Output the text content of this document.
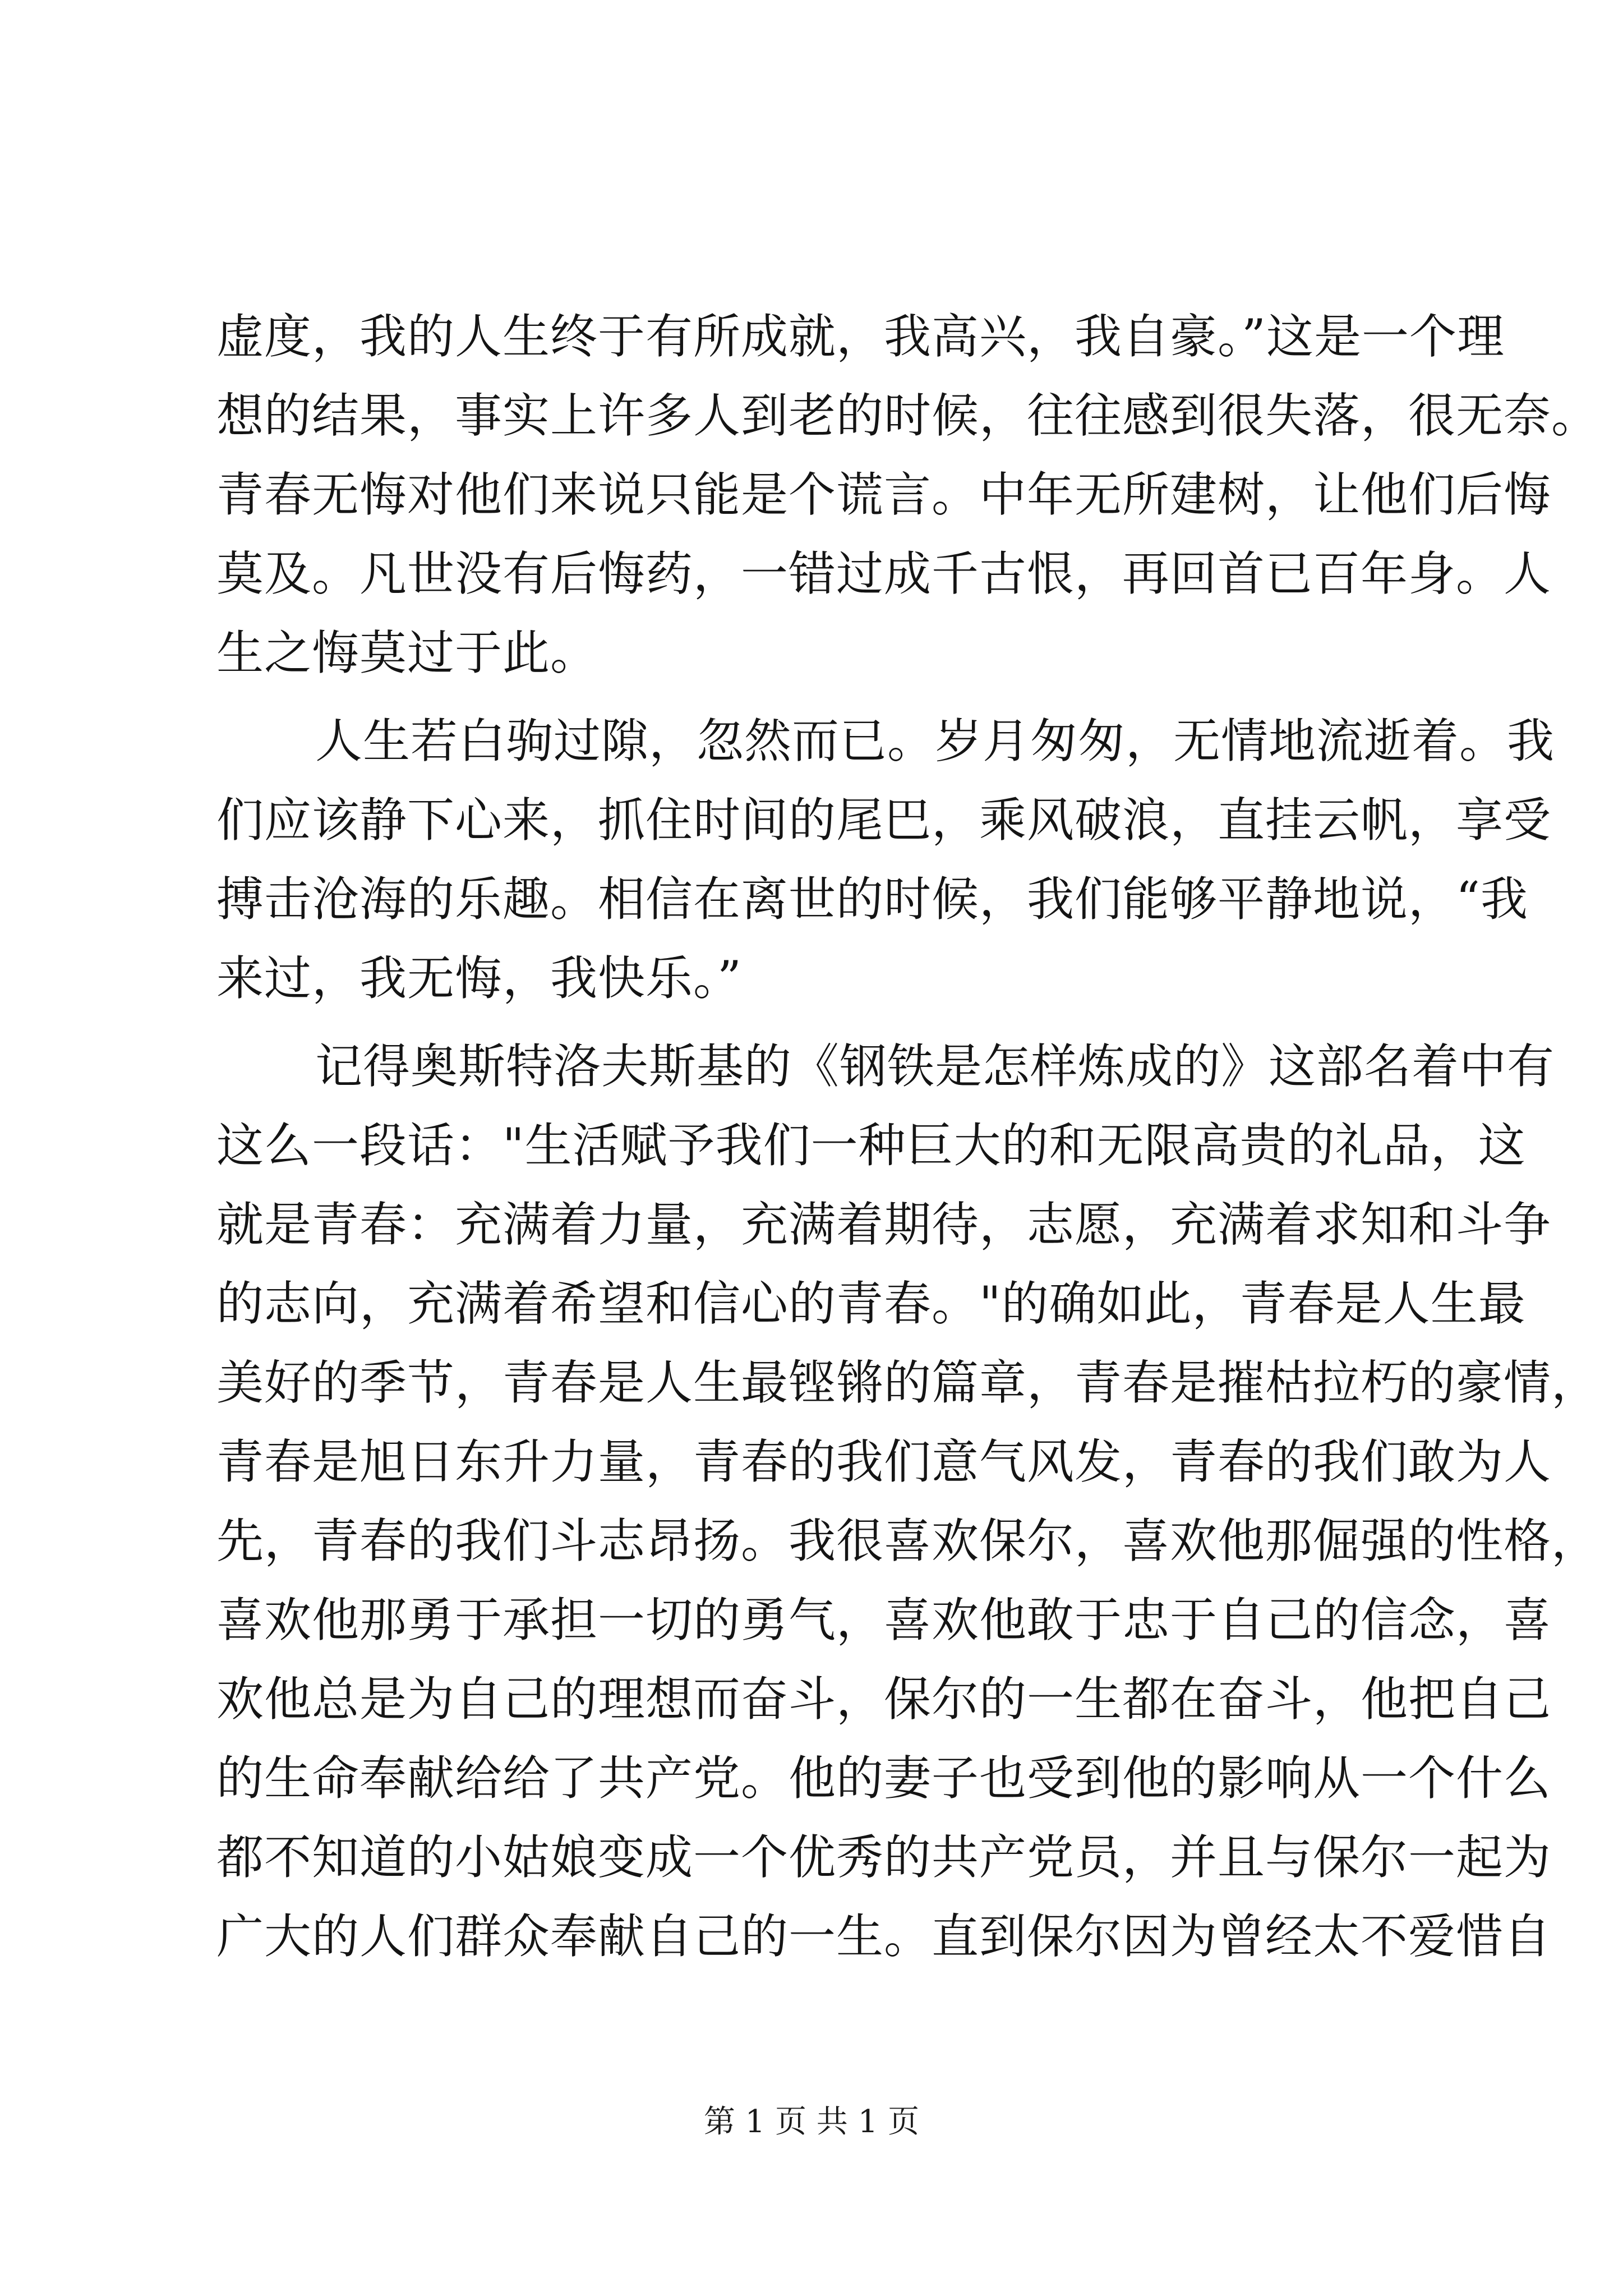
虚度，我的人生终于有所成就，我高兴，我自豪。”这是一个理
想的结果，事实上许多人到老的时候，往往感到很失落，很无奈。
青春无悔对他们来说只能是个谎言。中年无所建树，让他们后悔
莫及。凡世没有后悔药，一错过成千古恨，再回首已百年身。人
生之悔莫过于此。
人生若白驹过隙，忽然而已。岁月匆匆，无情地流逝着。我
们应该静下心来，抓住时间的尾巴，乘风破浪，直挂云帆，享受
搏击沧海的乐趣。相信在离世的时候，我们能够平静地说，“我
来过，我无悔，我快乐。”
记得奥斯特洛夫斯基的《钢铁是怎样炼成的》这部名着中有
这么一段话："生活赋予我们一种巨大的和无限高贵的礼品，这
就是青春：充满着力量，充满着期待，志愿，充满着求知和斗争
的志向，充满着希望和信心的青春。"的确如此，青春是人生最
美好的季节，青春是人生最铿锵的篇章，青春是摧枯拉朽的豪情，
青春是旭日东升力量，青春的我们意气风发，青春的我们敢为人
先，青春的我们斗志昂扬。我很喜欢保尔，喜欢他那倔强的性格，
喜欢他那勇于承担一切的勇气，喜欢他敢于忠于自己的信念，喜
欢他总是为自己的理想而奋斗，保尔的一生都在奋斗，他把自己
的生命奉献给给了共产党。他的妻子也受到他的影响从一个什么
都不知道的小姑娘变成一个优秀的共产党员，并且与保尔一起为
广大的人们群众奉献自己的一生。直到保尔因为曾经太不爱惜自
第 1 页 共 1 页
